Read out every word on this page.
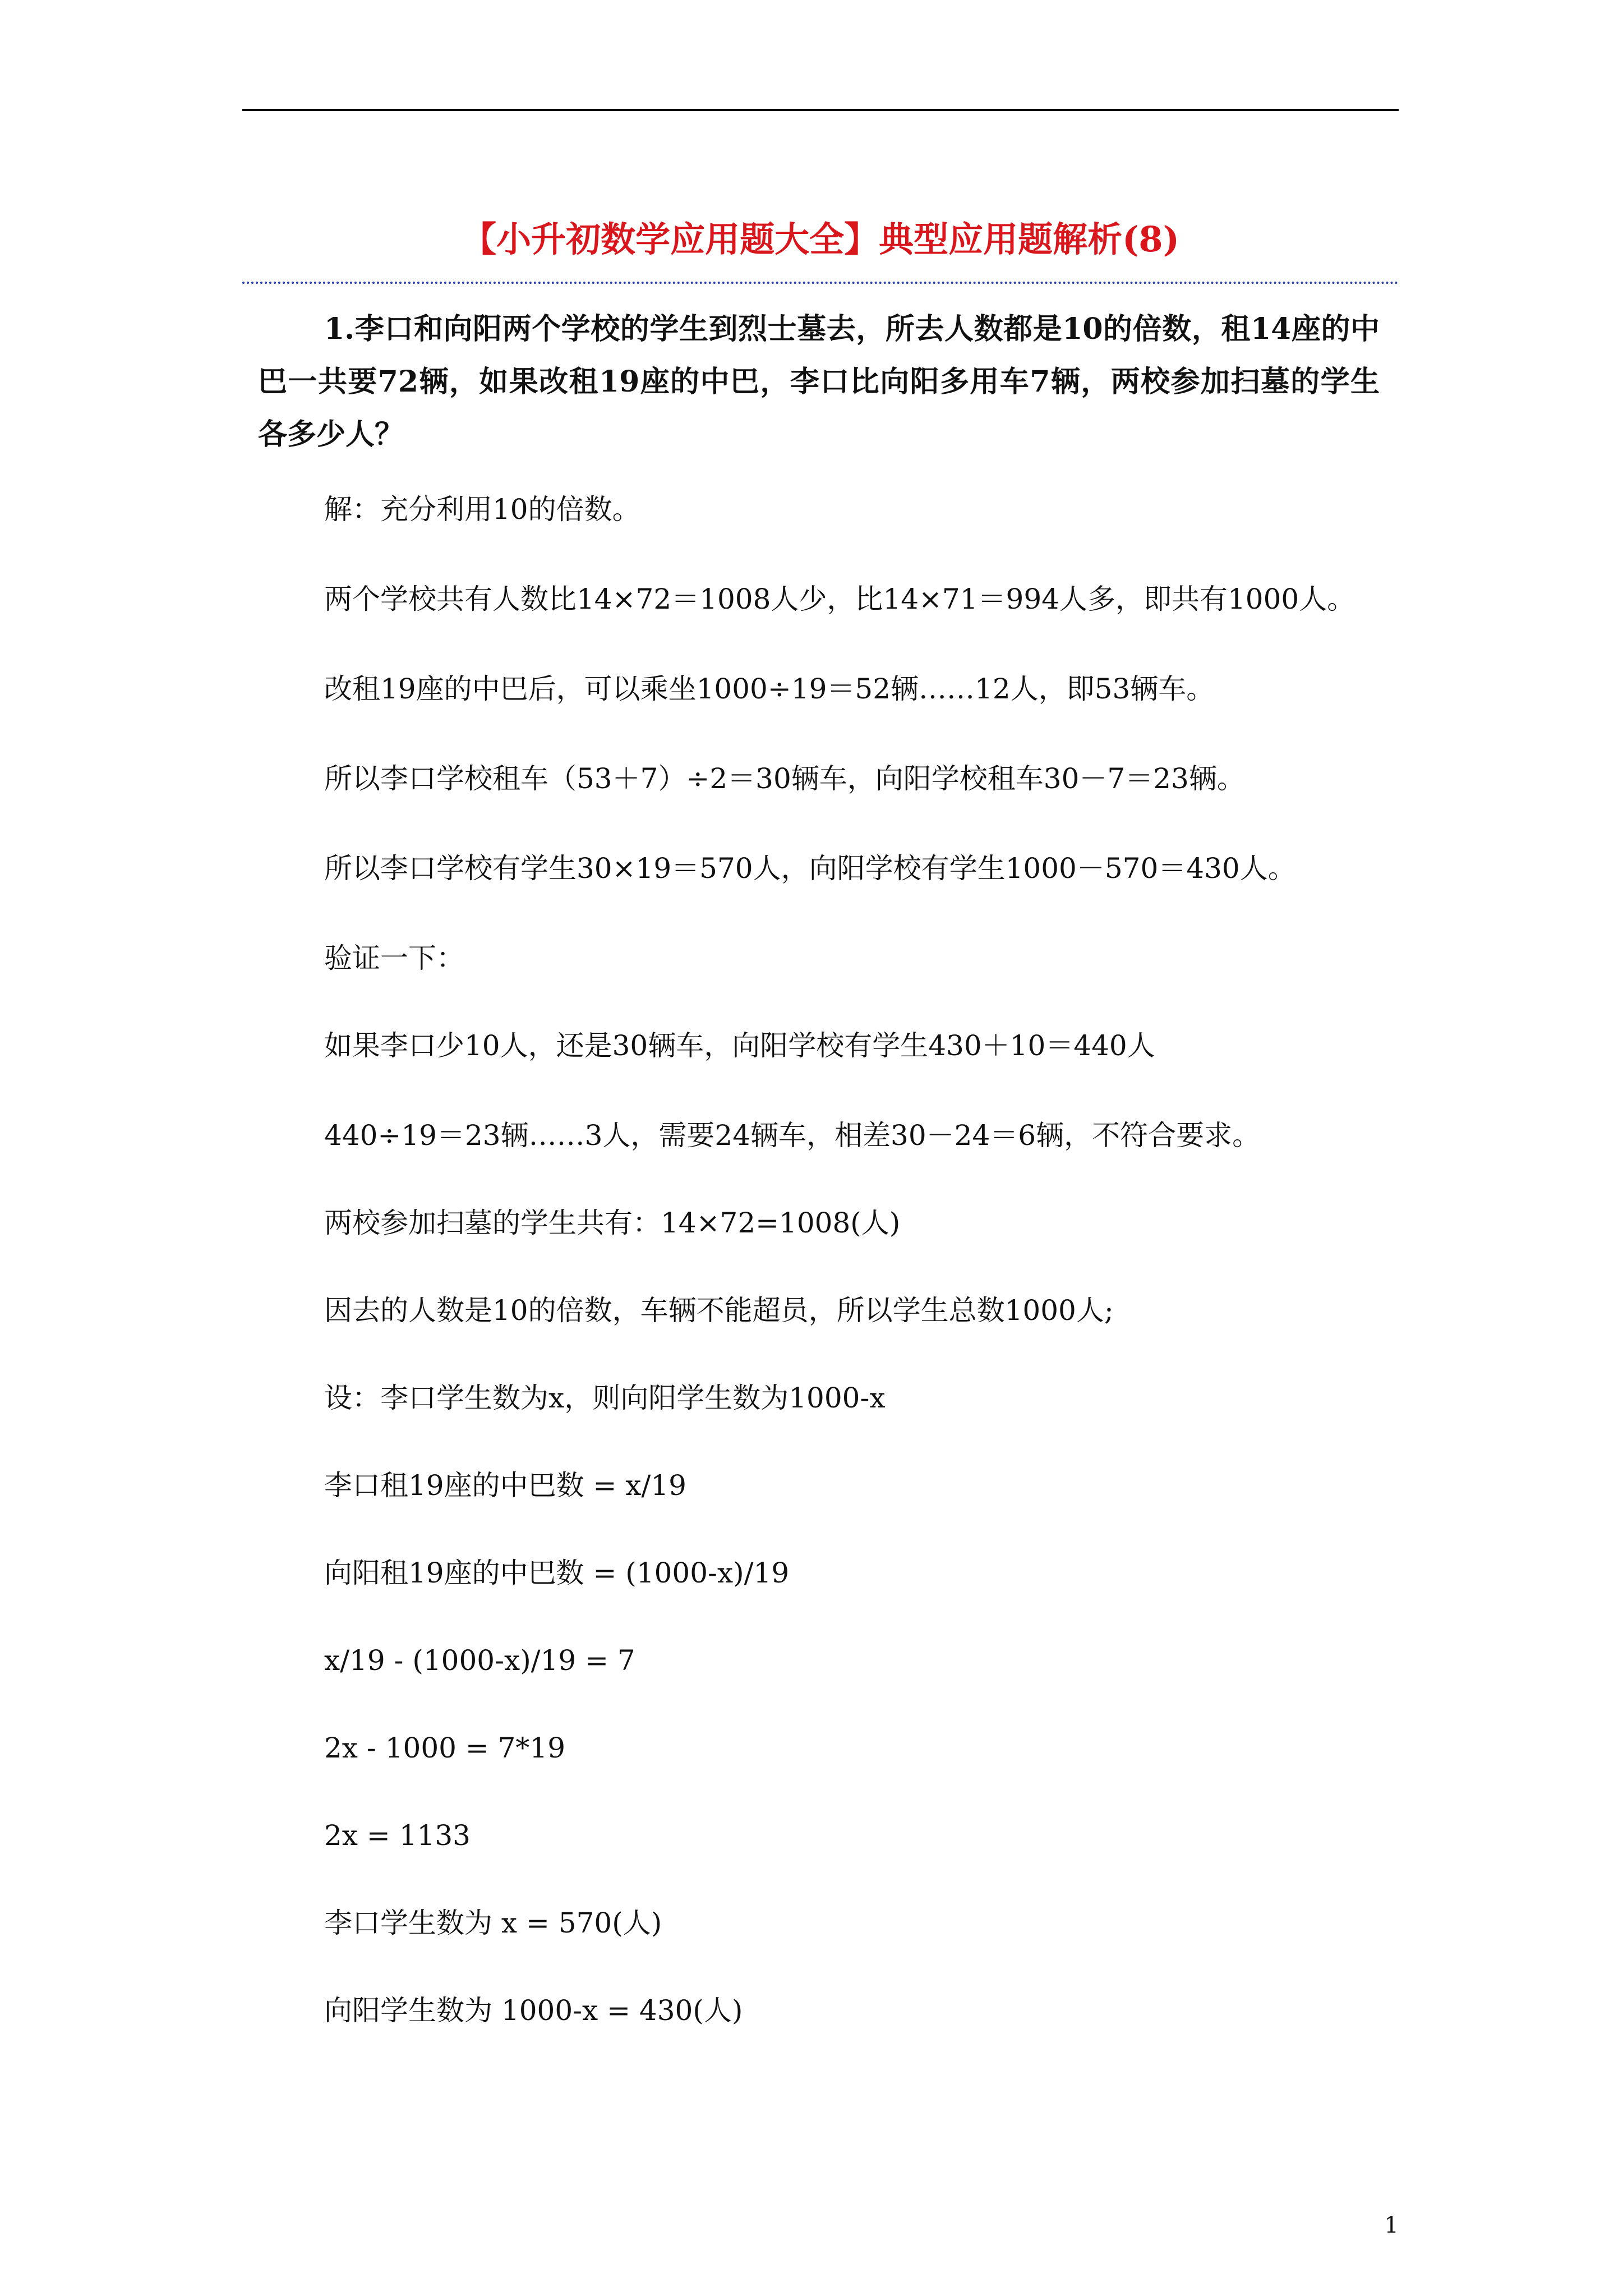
【小升初数学应用题大全】典型应用题解析(8)
1.李口和向阳两个学校的学生到烈士墓去，所去人数都是10的倍数，租14座的中巴一共要72辆，如果改租19座的中巴，李口比向阳多用车7辆，两校参加扫墓的学生各多少人？
解：充分利用10的倍数。
两个学校共有人数比14×72＝1008人少，比14×71＝994人多，即共有1000人。
改租19座的中巴后，可以乘坐1000÷19＝52辆……12人，即53辆车。
所以李口学校租车（53＋7）÷2＝30辆车，向阳学校租车30－7＝23辆。
所以李口学校有学生30×19＝570人，向阳学校有学生1000－570＝430人。
验证一下：
如果李口少10人，还是30辆车，向阳学校有学生430＋10＝440人
440÷19＝23辆……3人，需要24辆车，相差30－24＝6辆，不符合要求。
两校参加扫墓的学生共有：14×72=1008(人)
因去的人数是10的倍数，车辆不能超员，所以学生总数1000人;
设：李口学生数为x，则向阳学生数为1000-x
李口租19座的中巴数 = x/19
向阳租19座的中巴数 = (1000-x)/19
x/19 - (1000-x)/19 = 7
2x - 1000 = 7*19
2x = 1133
李口学生数为 x = 570(人)
向阳学生数为 1000-x = 430(人)
1
